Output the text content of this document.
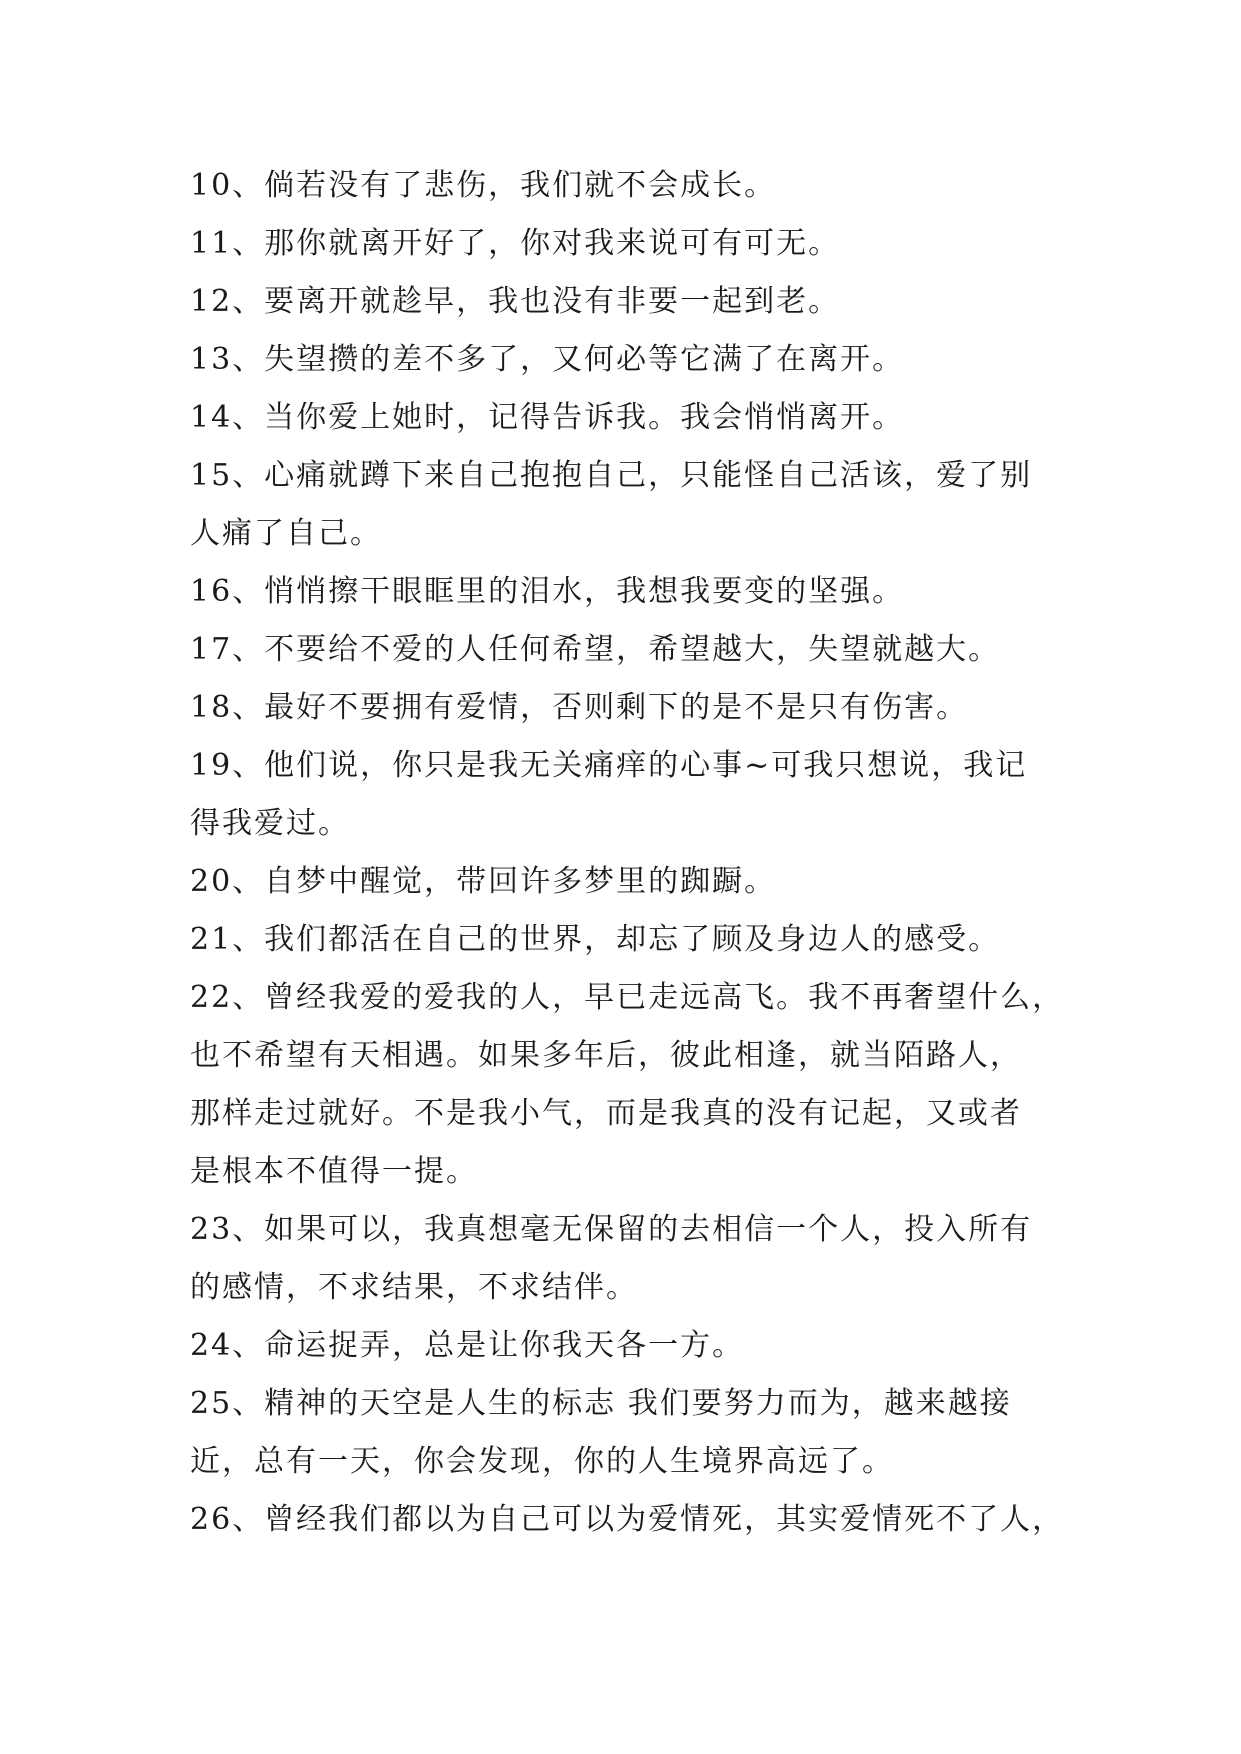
10、倘若没有了悲伤，我们就不会成长。
11、那你就离开好了，你对我来说可有可无。
12、要离开就趁早，我也没有非要一起到老。
13、失望攒的差不多了，又何必等它满了在离开。
14、当你爱上她时，记得告诉我。我会悄悄离开。
15、心痛就蹲下来自己抱抱自己，只能怪自己活该，爱了别
人痛了自己。
16、悄悄擦干眼眶里的泪水，我想我要变的坚强。
17、不要给不爱的人任何希望，希望越大，失望就越大。
18、最好不要拥有爱情，否则剩下的是不是只有伤害。
19、他们说，你只是我无关痛痒的心事~可我只想说，我记
得我爱过。
20、自梦中醒觉，带回许多梦里的踟蹰。
21、我们都活在自己的世界，却忘了顾及身边人的感受。
22、曾经我爱的爱我的人，早已走远高飞。我不再奢望什么，
也不希望有天相遇。如果多年后，彼此相逢，就当陌路人，
那样走过就好。不是我小气，而是我真的没有记起，又或者
是根本不值得一提。
23、如果可以，我真想毫无保留的去相信一个人，投入所有
的感情，不求结果，不求结伴。
24、命运捉弄，总是让你我天各一方。
25、精神的天空是人生的标志 我们要努力而为，越来越接
近，总有一天，你会发现，你的人生境界高远了。
26、曾经我们都以为自己可以为爱情死，其实爱情死不了人，
